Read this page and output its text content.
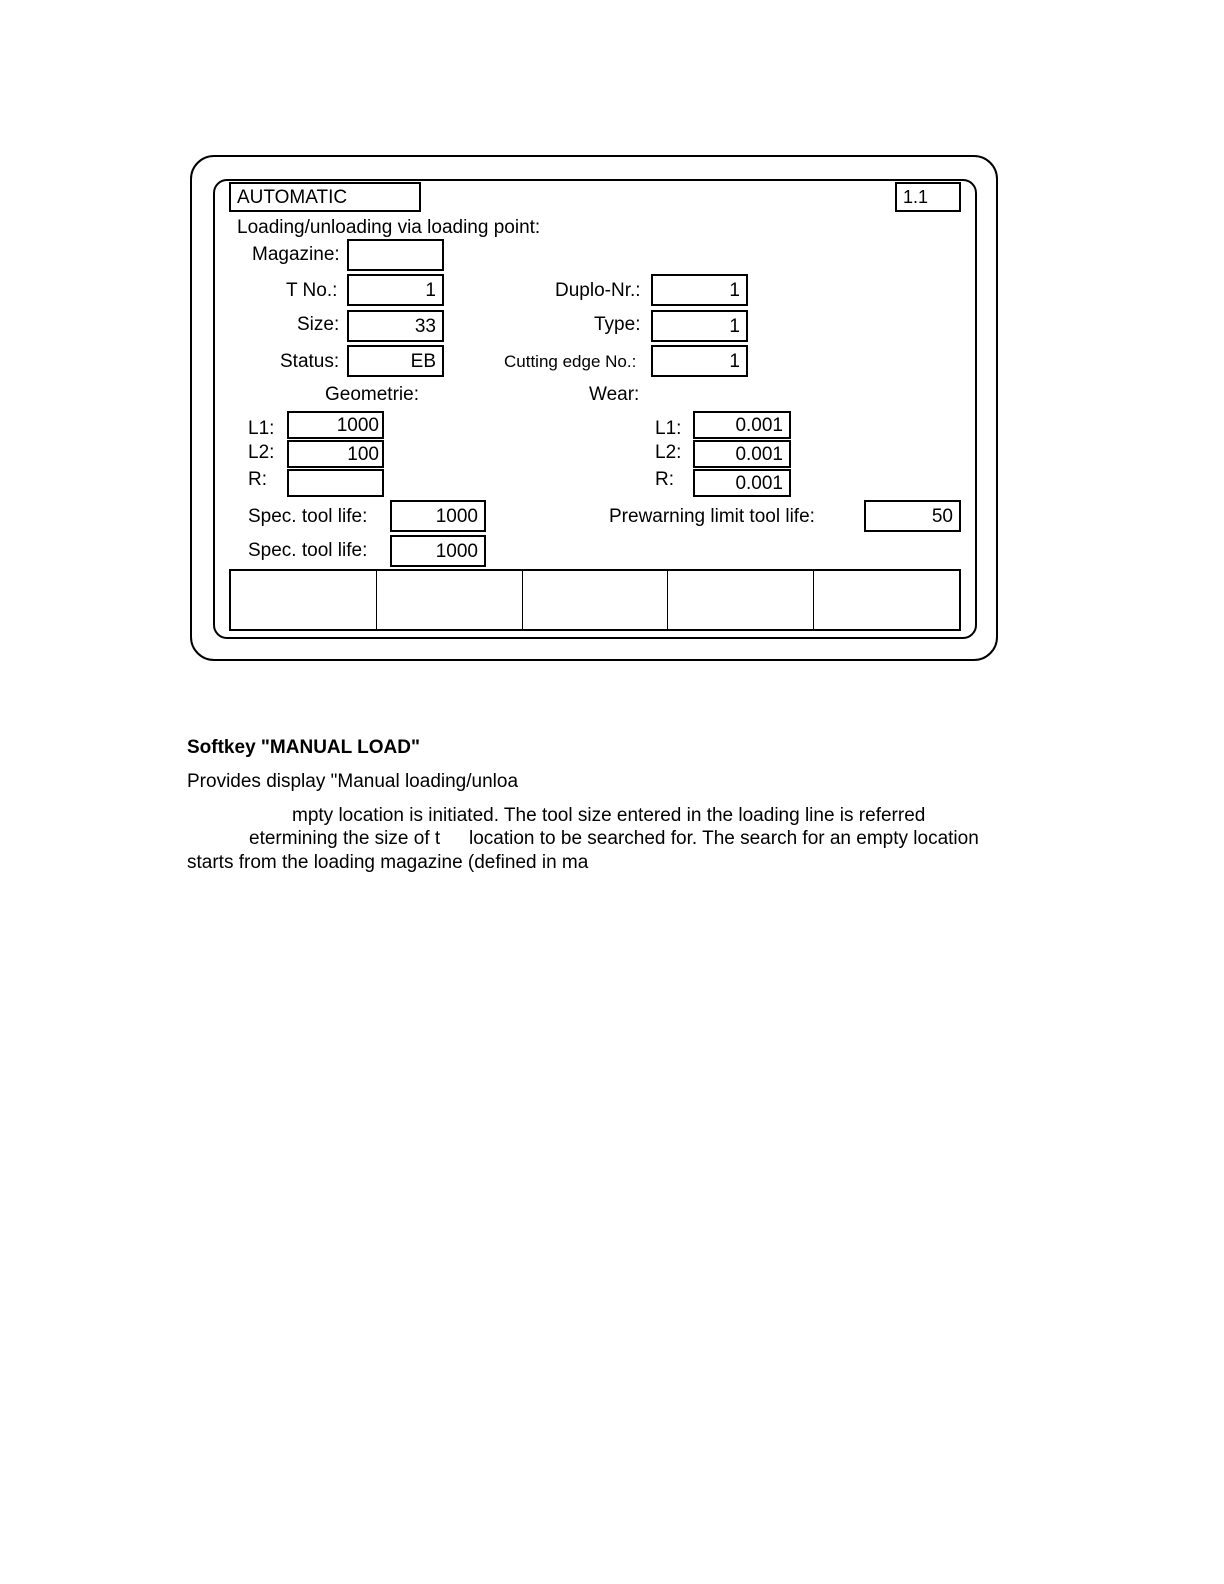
AUTOMATIC	1.1
Loading/unloading via loading point:
Magazine:
T No.:	1
Size:	33
Status:	EB
Duplo-Nr.:	1
Type:	1
Cutting edge No.:	1
Geometrie:
L1:	1000
L2:	100
R:
Wear:
L1:	0.001
L2:	0.001
R:	0.001
Spec. tool life:	1000
Spec. tool life:	1000
Prewarning limit tool life:	50
Softkey "MANUAL LOAD"
Provides display "Manual loading/unloa
mpty location is initiated. The tool size entered in the loading line is referred
etermining the size of t location to be searched for. The search for an empty location
starts from the loading magazine (defined in ma
